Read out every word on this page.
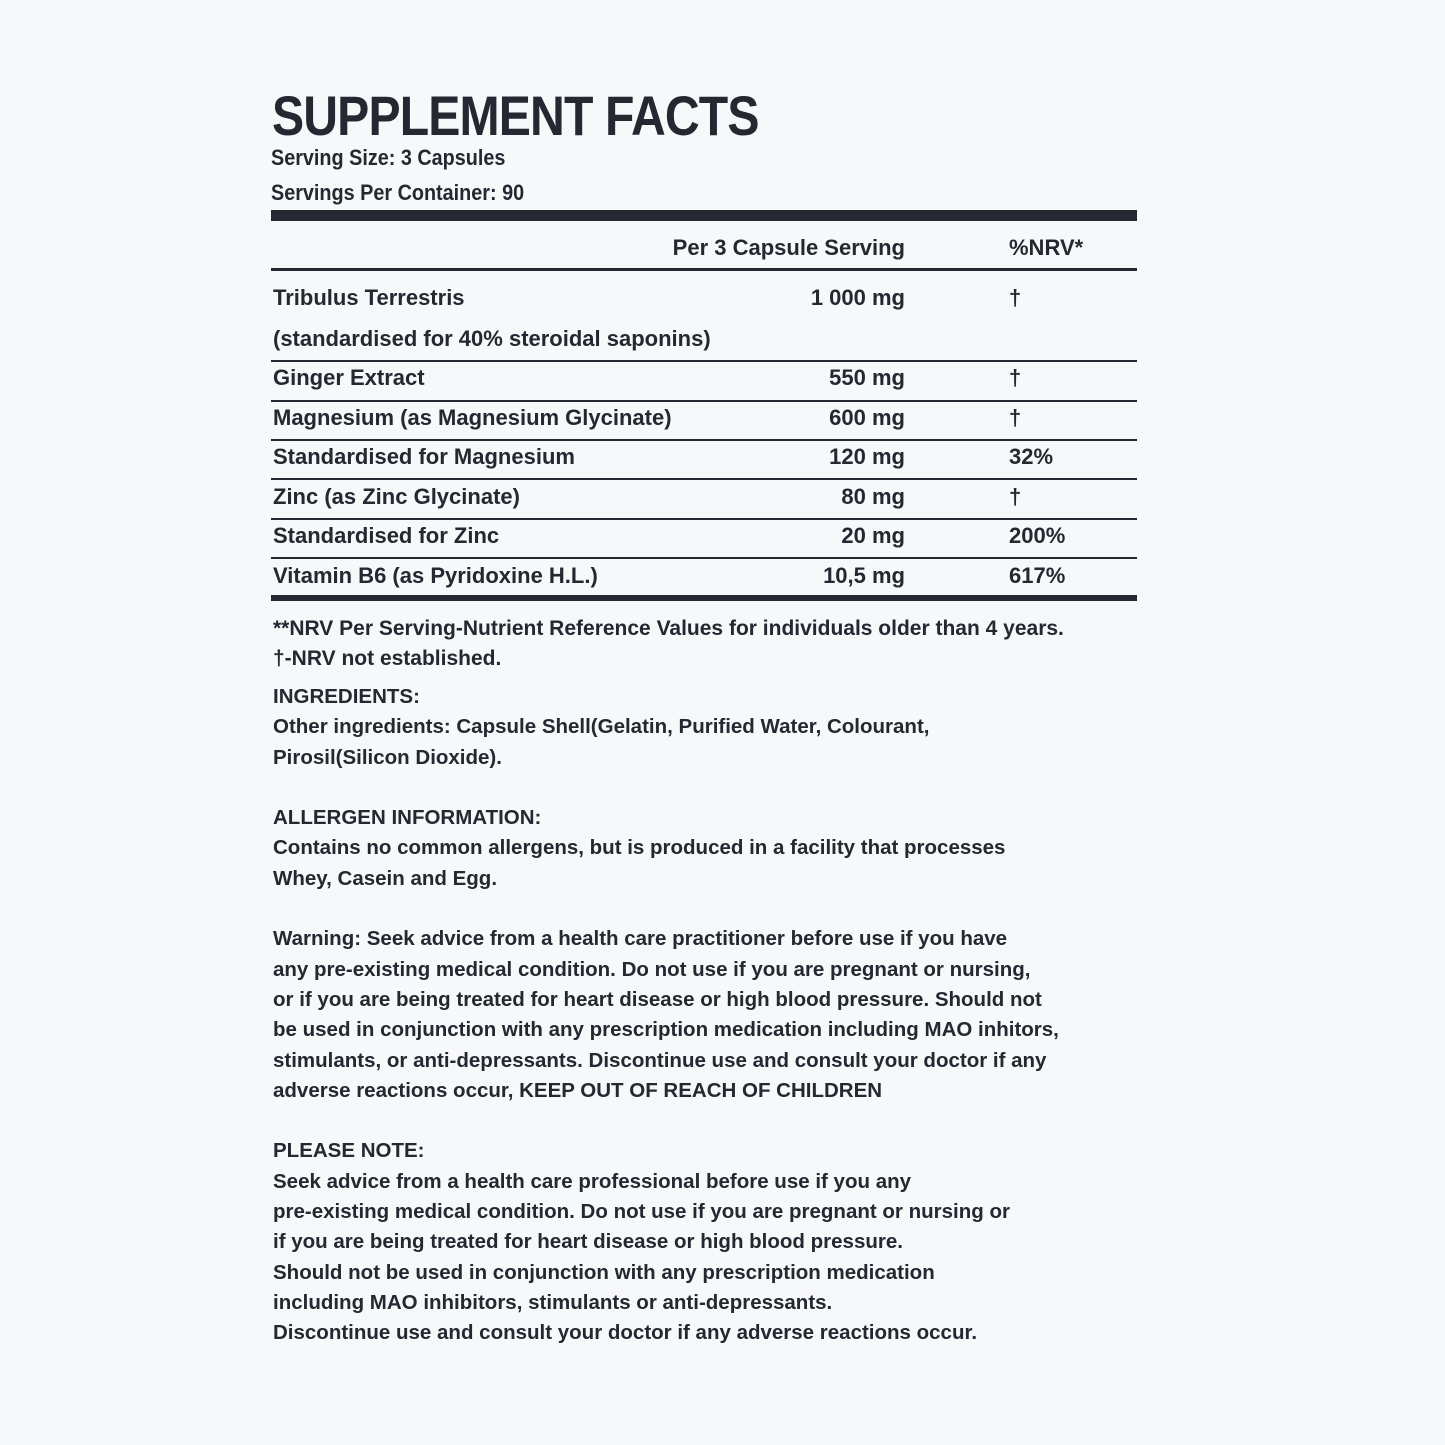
SUPPLEMENT FACTS
Serving Size: 3 Capsules
Servings Per Container: 90
Per 3 Capsule Serving	%NRV*
Tribulus Terrestris	1 000 mg	†
(standardised for 40% steroidal saponins)
Ginger Extract	550 mg	†
Magnesium (as Magnesium Glycinate)	600 mg	†
Standardised for Magnesium	120 mg	32%
Zinc (as Zinc Glycinate)	80 mg	†
Standardised for Zinc	20 mg	200%
Vitamin B6 (as Pyridoxine H.L.)	10,5 mg	617%
**NRV Per Serving-Nutrient Reference Values for individuals older than 4 years.
†-NRV not established.
INGREDIENTS:
Other ingredients: Capsule Shell(Gelatin, Purified Water, Colourant,
Pirosil(Silicon Dioxide).
ALLERGEN INFORMATION:
Contains no common allergens, but is produced in a facility that processes
Whey, Casein and Egg.
Warning: Seek advice from a health care practitioner before use if you have
any pre-existing medical condition. Do not use if you are pregnant or nursing,
or if you are being treated for heart disease or high blood pressure. Should not
be used in conjunction with any prescription medication including MAO inhitors,
stimulants, or anti-depressants. Discontinue use and consult your doctor if any
adverse reactions occur, KEEP OUT OF REACH OF CHILDREN
PLEASE NOTE:
Seek advice from a health care professional before use if you any
pre-existing medical condition. Do not use if you are pregnant or nursing or
if you are being treated for heart disease or high blood pressure.
Should not be used in conjunction with any prescription medication
including MAO inhibitors, stimulants or anti-depressants.
Discontinue use and consult your doctor if any adverse reactions occur.
